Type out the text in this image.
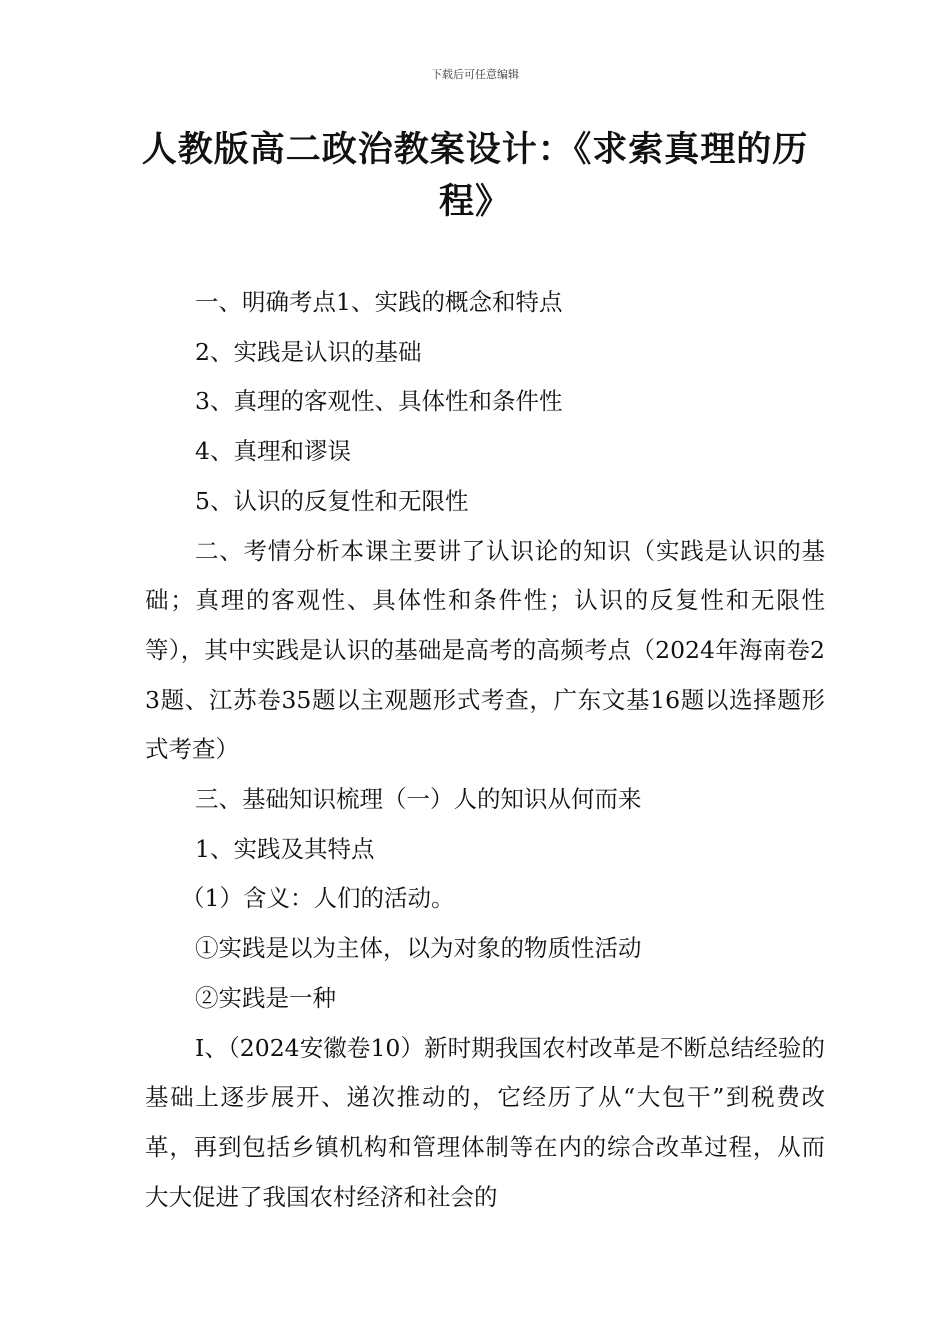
下载后可任意编辑
人教版高二政治教案设计：《求索真理的历程》

一、明确考点1、实践的概念和特点

2、实践是认识的基础

3、真理的客观性、具体性和条件性

4、真理和谬误

5、认识的反复性和无限性

二、考情分析本课主要讲了认识论的知识（实践是认识的基础；真理的客观性、具体性和条件性；认识的反复性和无限性等），其中实践是认识的基础是高考的高频考点（2024年海南卷23题、江苏卷35题以主观题形式考查，广东文基16题以选择题形式考查）

三、基础知识梳理（一）人的知识从何而来

1、实践及其特点

（1）含义：人们的活动。

①实践是以为主体，以为对象的物质性活动

②实践是一种

Ⅰ、（2024安徽卷10）新时期我国农村改革是不断总结经验的基础上逐步展开、递次推动的，它经历了从“大包干”到税费改革，再到包括乡镇机构和管理体制等在内的综合改革过程，从而大大促进了我国农村经济和社会的
